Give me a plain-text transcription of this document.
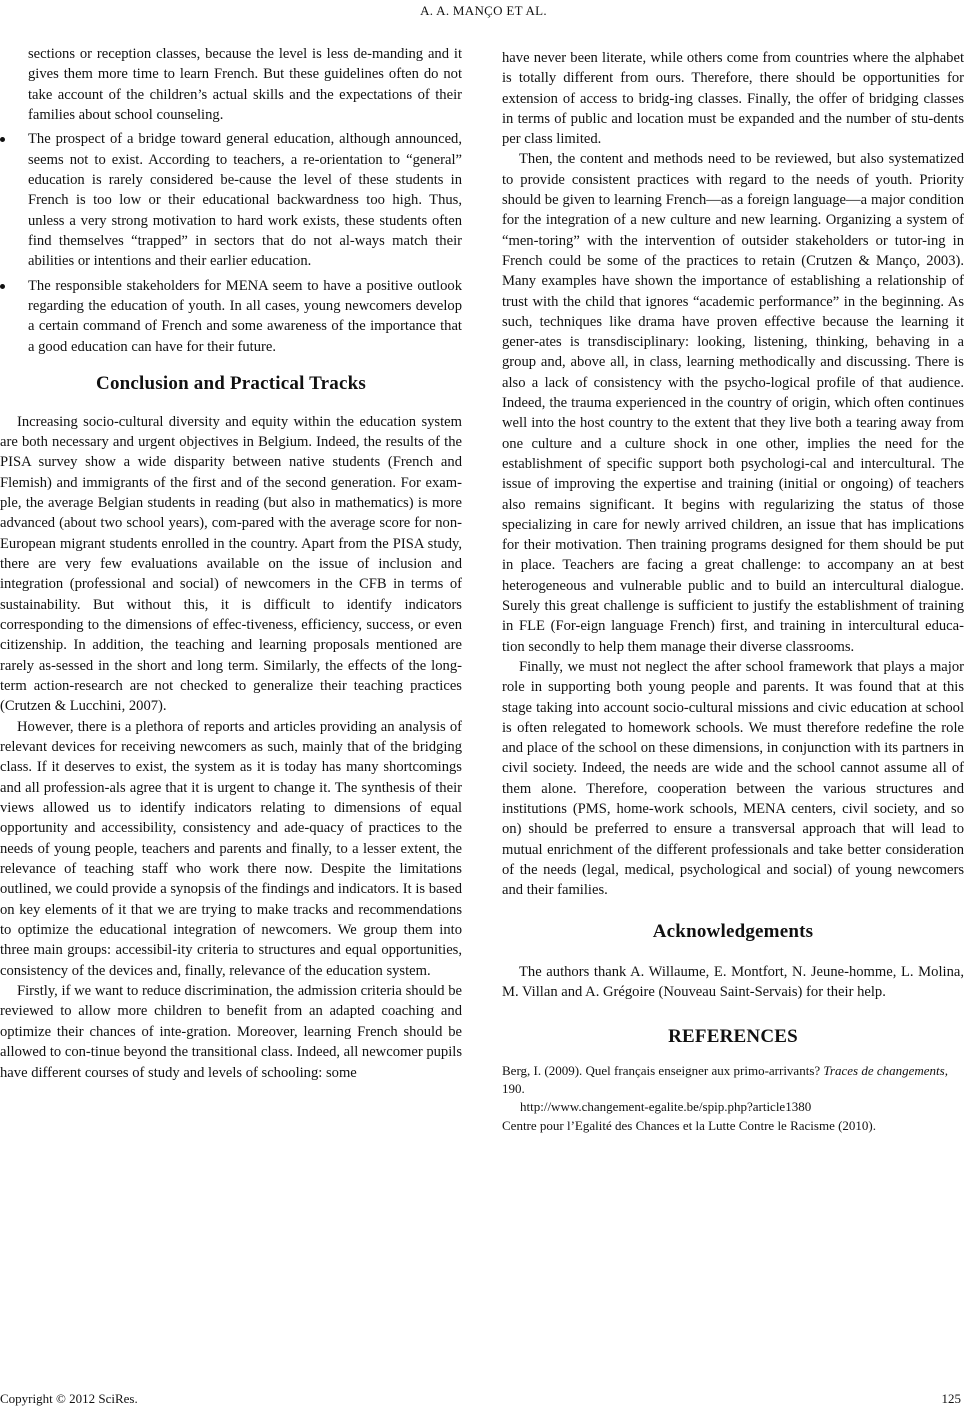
A. A. MANÇO ET AL.
sections or reception classes, because the level is less de-manding and it gives them more time to learn French. But these guidelines often do not take account of the children’s actual skills and the expectations of their families about school counseling.
The prospect of a bridge toward general education, although announced, seems not to exist. According to teachers, a re-orientation to “general” education is rarely considered be-cause the level of these students in French is too low or their educational backwardness too high. Thus, unless a very strong motivation to hard work exists, these students often find themselves “trapped” in sectors that do not al-ways match their abilities or intentions and their earlier education.
The responsible stakeholders for MENA seem to have a positive outlook regarding the education of youth. In all cases, young newcomers develop a certain command of French and some awareness of the importance that a good education can have for their future.
Conclusion and Practical Tracks

Increasing socio-cultural diversity and equity within the education system are both necessary and urgent objectives in Belgium. Indeed, the results of the PISA survey show a wide disparity between native students (French and Flemish) and immigrants of the first and of the second generation. For exam-ple, the average Belgian students in reading (but also in mathematics) is more advanced (about two school years), com-pared with the average score for non-European migrant students enrolled in the country. Apart from the PISA study, there are very few evaluations available on the issue of inclusion and integration (professional and social) of newcomers in the CFB in terms of sustainability. But without this, it is difficult to identify indicators corresponding to the dimensions of effec-tiveness, efficiency, success, or even citizenship. In addition, the teaching and learning proposals mentioned are rarely as-sessed in the short and long term. Similarly, the effects of the long-term action-research are not checked to generalize their teaching practices (Crutzen & Lucchini, 2007).

However, there is a plethora of reports and articles providing an analysis of relevant devices for receiving newcomers as such, mainly that of the bridging class. If it deserves to exist, the system as it is today has many shortcomings and all profession-als agree that it is urgent to change it. The synthesis of their views allowed us to identify indicators relating to dimensions of equal opportunity and accessibility, consistency and ade-quacy of practices to the needs of young people, teachers and parents and finally, to a lesser extent, the relevance of teaching staff who work there now. Despite the limitations outlined, we could provide a synopsis of the findings and indicators. It is based on key elements of it that we are trying to make tracks and recommendations to optimize the educational integration of newcomers. We group them into three main groups: accessibil-ity criteria to structures and equal opportunities, consistency of the devices and, finally, relevance of the education system.

Firstly, if we want to reduce discrimination, the admission criteria should be reviewed to allow more children to benefit from an adapted coaching and optimize their chances of inte-gration. Moreover, learning French should be allowed to con-tinue beyond the transitional class. Indeed, all newcomer pupils have different courses of study and levels of schooling: some

have never been literate, while others come from countries where the alphabet is totally different from ours. Therefore, there should be opportunities for extension of access to bridg-ing classes. Finally, the offer of bridging classes in terms of public and location must be expanded and the number of stu-dents per class limited.

Then, the content and methods need to be reviewed, but also systematized to provide consistent practices with regard to the needs of youth. Priority should be given to learning French—as a foreign language—a major condition for the integration of a new culture and new learning. Organizing a system of “men-toring” with the intervention of outsider stakeholders or tutor-ing in French could be some of the practices to retain (Crutzen & Manço, 2003). Many examples have shown the importance of establishing a relationship of trust with the child that ignores “academic performance” in the beginning. As such, techniques like drama have proven effective because the learning it gener-ates is transdisciplinary: looking, listening, thinking, behaving in a group and, above all, in class, learning methodically and discussing. There is also a lack of consistency with the psycho-logical profile of that audience. Indeed, the trauma experienced in the country of origin, which often continues well into the host country to the extent that they live both a tearing away from one culture and a culture shock in one other, implies the need for the establishment of specific support both psychologi-cal and intercultural. The issue of improving the expertise and training (initial or ongoing) of teachers also remains significant. It begins with regularizing the status of those specializing in care for newly arrived children, an issue that has implications for their motivation. Then training programs designed for them should be put in place. Teachers are facing a great challenge: to accompany an at best heterogeneous and vulnerable public and to build an intercultural dialogue. Surely this great challenge is sufficient to justify the establishment of training in FLE (For-eign language French) first, and training in intercultural educa-tion secondly to help them manage their diverse classrooms.

Finally, we must not neglect the after school framework that plays a major role in supporting both young people and parents. It was found that at this stage taking into account socio-cultural missions and civic education at school is often relegated to homework schools. We must therefore redefine the role and place of the school on these dimensions, in conjunction with its partners in civil society. Indeed, the needs are wide and the school cannot assume all of them alone. Therefore, cooperation between the various structures and institutions (PMS, home-work schools, MENA centers, civil society, and so on) should be preferred to ensure a transversal approach that will lead to mutual enrichment of the different professionals and take better consideration of the needs (legal, medical, psychological and social) of young newcomers and their families.

Acknowledgements

The authors thank A. Willaume, E. Montfort, N. Jeune-homme, L. Molina, M. Villan and A. Grégoire (Nouveau Saint-Servais) for their help.

REFERENCES
Berg, I. (2009). Quel français enseigner aux primo-arrivants? Traces de changements, 190.
http://www.changement-egalite.be/spip.php?article1380
Centre pour l’Egalité des Chances et la Lutte Contre le Racisme (2010).
Copyright © 2012 SciRes.	125
